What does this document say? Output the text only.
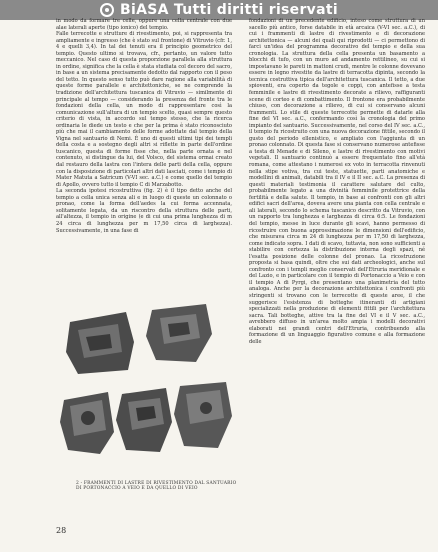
BiASA Tutti diritti riservati
in modo da formare tre celle, oppure una cella centrale con due alae laterali aperte (tipo ionico) del tempio.
Falle terrecotte e strutture di rivestimento, poi, si rappresenta tra ampliamente e ingresso (che è stato sul frontone) di Vitruvio (cfr. 1, 4 e quelli 3,4). In tal dei tenuti era il principio geometrico del tempio. Questo ultimo si trovava, cfr., pertanto, un valore tutto meccanico. Nel caso di questa proporzione parallela alla struttura in ordine, significa che la cella è stata studiata col decoro del sacro, in base a un sistema precisamente dedotto dal rapporto con il peso del tetto. In questo senso tutto può dare ragione alla variabilità di queste forme parallele e architettoniche, se ne comprende la tradizione dell'architettura tuscanica di Vitruvio — similmente di principale al tempo — considerando la presenza del fronte tra le fondazioni della cella, un modo di rappresentare così la comunicazione sull'altura di un tempio scelto, quasi sempre questo criterio di vista, in accordo sul tempo stesso, che la ricerca ordinaria le diede un testo e che per la prima è stato riconosciuto più che mai il cambiamento delle forme adottate dal tempio della Vigna nel santuario di Nemi. È uno di questi ultimi tipi dei templi della costa e a sostegno degli altri si riflette in parte dell'ordine tuscanico, questa di forme fisse che, nella parte ornata e nel contenuto, si distingue da lui, del Volsco, del sistema ormai creato dal restauro della lastra con l'intera delle parti della cella, oppure con la disposizione di particolari altri dati lasciati, come i tempio di Mater Matuta a Satricum (V-VI sec. a.C.) e come quello del tempio di Apollo, ovvero tutto il tempio C di Marzabotto.
La seconda ipotesi ricostruttiva (fig. 2) è il tipo detto anche del tempio a cella unica senza ali e in luogo di queste un colonnato o pronao, come la forma dell'aedes la cui forma accennata, solitamente legata, da un riscontro della struttura delle parti, all'altezza, il tempio in origine (e di cui una prima lunghezza di m 24 circa di lunghezza per m 17,50 circa di larghezza). Successivamente, in una fase di
fondazioni di un precedente edificio, inteso come struttura di un sacello più antico, forse databile in età arcaica (V-VI sec. a.C.), di cui i frammenti di lastre di rivestimento e di decorazione architettonica — alcuni dei quali qui riprodotti — ci permettono di farci un'idea del programma decorativo del tempio e della sua cronologia. La struttura della cella presenta un basamento a blocchi di tufo, con un muro ad andamento rettilineo, su cui si impostavano le pareti in mattoni crudi, mentre le colonne dovevano essere in legno rivestite da lastre di terracotta dipinta, secondo la tecnica costruttiva tipica dell'architettura tuscanica. Il tetto, a due spioventi, era coperto da tegole e coppi, con antefisse a testa femminile e lastre di rivestimento decorate a rilievo, raffiguranti scene di corteo e di combattimento. Il frontone era probabilmente chiuso, con decorazione a rilievo, di cui si conservano alcuni frammenti. Lo stile di queste terrecotte permette di datarle alla fine del VI sec. a.C., confermando così la cronologia del primo impianto del santuario. Successivamente, nel corso del IV sec. a.C., il tempio fu ricostruito con una nuova decorazione fittile, secondo il gusto del periodo ellenistico, e ampliato con l'aggiunta di un pronao colonnato. Di questa fase si conservano numerose antefisse a testa di Menade e di Sileno, e lastre di rivestimento con motivi vegetali. Il santuario continuò a essere frequentato fino all'età romana, come attestano i numerosi ex voto in terracotta rinvenuti nella stipe votiva, tra cui teste, statuette, parti anatomiche e modellini di animali, databili tra il IV e il II sec. a.C. La presenza di questi materiali testimonia il carattere salutare del culto, probabilmente legato a una divinità femminile protettrice della fertilità e della salute. Il tempio, in base ai confronti con gli altri edifici sacri dell'area, doveva avere una pianta con cella centrale e ali laterali, secondo lo schema tuscanico descritto da Vitruvio, con un rapporto tra lunghezza e larghezza di circa 6:5. Le fondazioni del tempio, messe in luce durante gli scavi, hanno permesso di ricostruire con buona approssimazione le dimensioni dell'edificio, che misurava circa m 24 di lunghezza per m 17,50 di larghezza, come indicato sopra. I dati di scavo, tuttavia, non sono sufficienti a stabilire con certezza la distribuzione interna degli spazi, né l'esatta posizione delle colonne del pronao. La ricostruzione proposta si basa quindi, oltre che sui dati archeologici, anche sul confronto con i templi meglio conservati dell'Etruria meridionale e del Lazio, e in particolare con il tempio di Portonaccio a Veio e con il tempio A di Pyrgi, che presentano una planimetria del tutto analoga. Anche per la decorazione architettonica i confronti più stringenti si trovano con le terrecotte di queste aree, il che suggerisce l'esistenza di botteghe itineranti di artigiani specializzati nella produzione di elementi fittili per l'architettura sacra. Tali botteghe, attive tra la fine del VI e il V sec. a.C., avrebbero diffuso in un'area molto ampia i modelli decorativi elaborati nei grandi centri dell'Etruria, contribuendo alla formazione di un linguaggio figurativo comune e alla formazione delle
2 - FRAMMENTI DI LASTRE DI RIVESTIMENTO DAL SANTUARIO DI PORTONACCIO A VEIO E DA QUELLO DI VEIO
28
